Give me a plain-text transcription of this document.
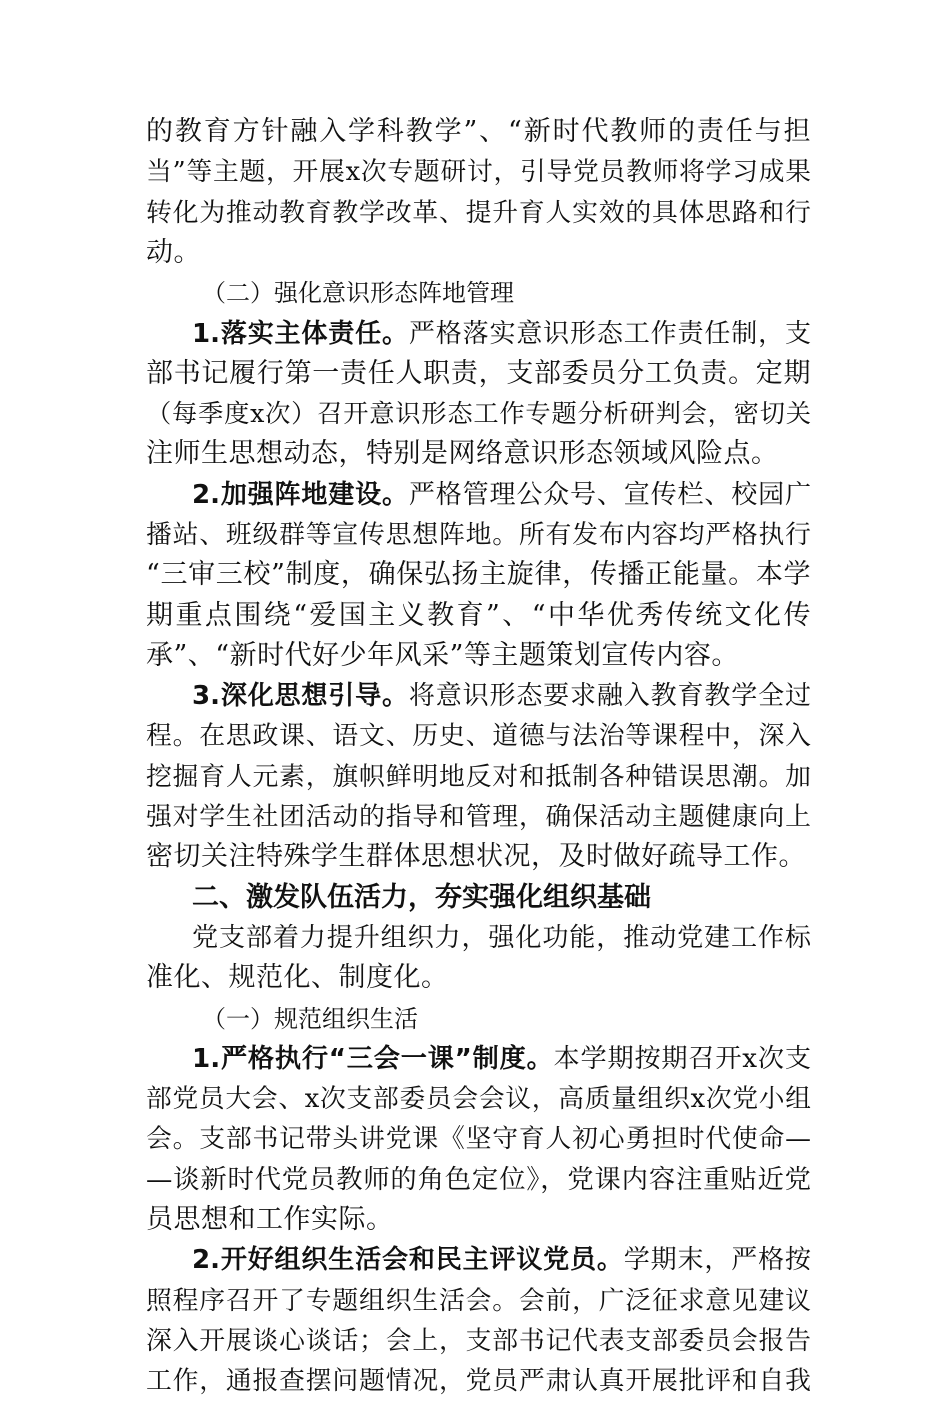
的教育方针融入学科教学”、“新时代教师的责任与担
当”等主题，开展x次专题研讨，引导党员教师将学习成果
转化为推动教育教学改革、提升育人实效的具体思路和行
动。
（二）强化意识形态阵地管理
1.落实主体责任。严格落实意识形态工作责任制，支
部书记履行第一责任人职责，支部委员分工负责。定期
（每季度x次）召开意识形态工作专题分析研判会，密切关
注师生思想动态，特别是网络意识形态领域风险点。
2.加强阵地建设。严格管理公众号、宣传栏、校园广
播站、班级群等宣传思想阵地。所有发布内容均严格执行
“三审三校”制度，确保弘扬主旋律，传播正能量。本学
期重点围绕“爱国主义教育”、“中华优秀传统文化传
承”、“新时代好少年风采”等主题策划宣传内容。
3.深化思想引导。将意识形态要求融入教育教学全过
程。在思政课、语文、历史、道德与法治等课程中，深入
挖掘育人元素，旗帜鲜明地反对和抵制各种错误思潮。加
强对学生社团活动的指导和管理，确保活动主题健康向上
密切关注特殊学生群体思想状况，及时做好疏导工作。
二、激发队伍活力，夯实强化组织基础
党支部着力提升组织力，强化功能，推动党建工作标
准化、规范化、制度化。
（一）规范组织生活
1.严格执行“三会一课”制度。本学期按期召开x次支
部党员大会、x次支部委员会会议，高质量组织x次党小组
会。支部书记带头讲党课《坚守育人初心勇担时代使命—
—谈新时代党员教师的角色定位》，党课内容注重贴近党
员思想和工作实际。
2.开好组织生活会和民主评议党员。学期末，严格按
照程序召开了专题组织生活会。会前，广泛征求意见建议
深入开展谈心谈话；会上，支部书记代表支部委员会报告
工作，通报查摆问题情况，党员严肃认真开展批评和自我
